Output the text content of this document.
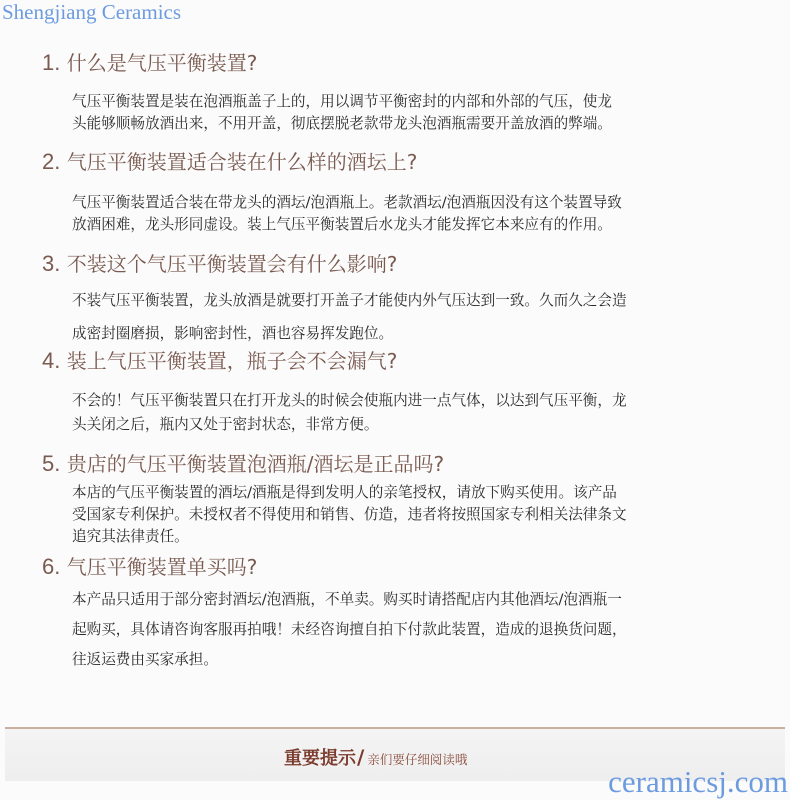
Shengjiang Ceramics
1. 什么是气压平衡装置?

气压平衡装置是装在泡酒瓶盖子上的，用以调节平衡密封的内部和外部的气压，使龙

头能够顺畅放酒出来，不用开盖，彻底摆脱老款带龙头泡酒瓶需要开盖放酒的弊端。

2. 气压平衡装置适合装在什么样的酒坛上?

气压平衡装置适合装在带龙头的酒坛/泡酒瓶上。老款酒坛/泡酒瓶因没有这个装置导致

放酒困难，龙头形同虚设。装上气压平衡装置后水龙头才能发挥它本来应有的作用。

3. 不装这个气压平衡装置会有什么影响?

不装气压平衡装置，龙头放酒是就要打开盖子才能使内外气压达到一致。久而久之会造

成密封圈磨损，影响密封性，酒也容易挥发跑位。

4. 装上气压平衡装置，瓶子会不会漏气?

不会的！气压平衡装置只在打开龙头的时候会使瓶内进一点气体，以达到气压平衡，龙

头关闭之后，瓶内又处于密封状态，非常方便。

5. 贵店的气压平衡装置泡酒瓶/酒坛是正品吗?

本店的气压平衡装置的酒坛/酒瓶是得到发明人的亲笔授权，请放下购买使用。该产品

受国家专利保护。未授权者不得使用和销售、仿造，违者将按照国家专利相关法律条文

追究其法律责任。

6. 气压平衡装置单买吗?

本产品只适用于部分密封酒坛/泡酒瓶，不单卖。购买时请搭配店内其他酒坛/泡酒瓶一

起购买，具体请咨询客服再拍哦！未经咨询擅自拍下付款此装置，造成的退换货问题，

往返运费由买家承担。

重要提示/ 亲们要仔细阅读哦
ceramicsj.com
